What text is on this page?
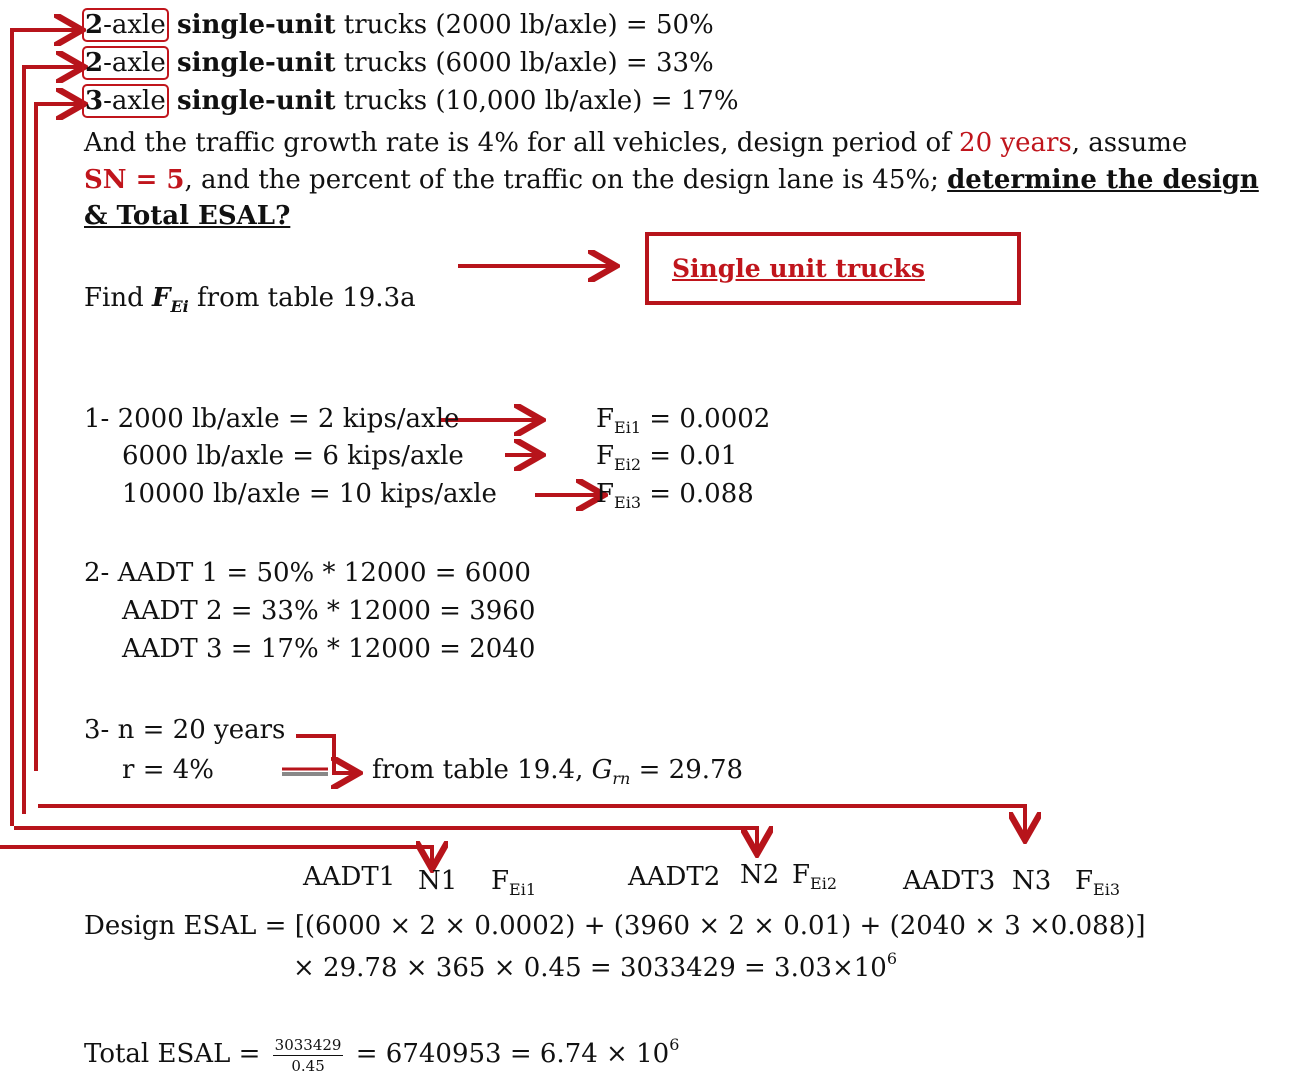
2-axle single-unit trucks (2000 lb/axle) = 50%
2-axle single-unit trucks (6000 lb/axle) = 33%
3-axle single-unit trucks (10,000 lb/axle) = 17%
And the traffic growth rate is 4% for all vehicles, design period of 20 years, assume
SN = 5, and the percent of the traffic on the design lane is 45%; determine the design
& Total ESAL?
Find $F_{Ei}$ from table 19.3a
Single unit trucks
1- 2000 lb/axle = 2 kips/axle	$F_{Ei1} = 0.0002$
6000 lb/axle = 6 kips/axle	$F_{Ei2} = 0.01$
10000 lb/axle = 10 kips/axle	$F_{Ei3} = 0.088$
2- AADT 1 = 50% * 12000 = 6000
AADT 2 = 33% * 12000 = 3960
AADT 3 = 17% * 12000 = 2040
3- n = 20 years
r = 4%	from table 19.4, $G_{rn} = 29.78$
AADT1 N1 $F_{Ei1}$	AADT2 N2 $F_{Ei2}$	AADT3 N3 $F_{Ei3}$
Design ESAL = [(6000 × 2 × 0.0002) + (3960 × 2 × 0.01) + (2040 × 3 ×0.088)]
× $29.78 \times 365 \times 0.45 = 3033429 = 3.03\times 10^6$
Total ESAL = $\frac{3033429}{0.45} = 6740953 = 6.74 \times 10^6$
